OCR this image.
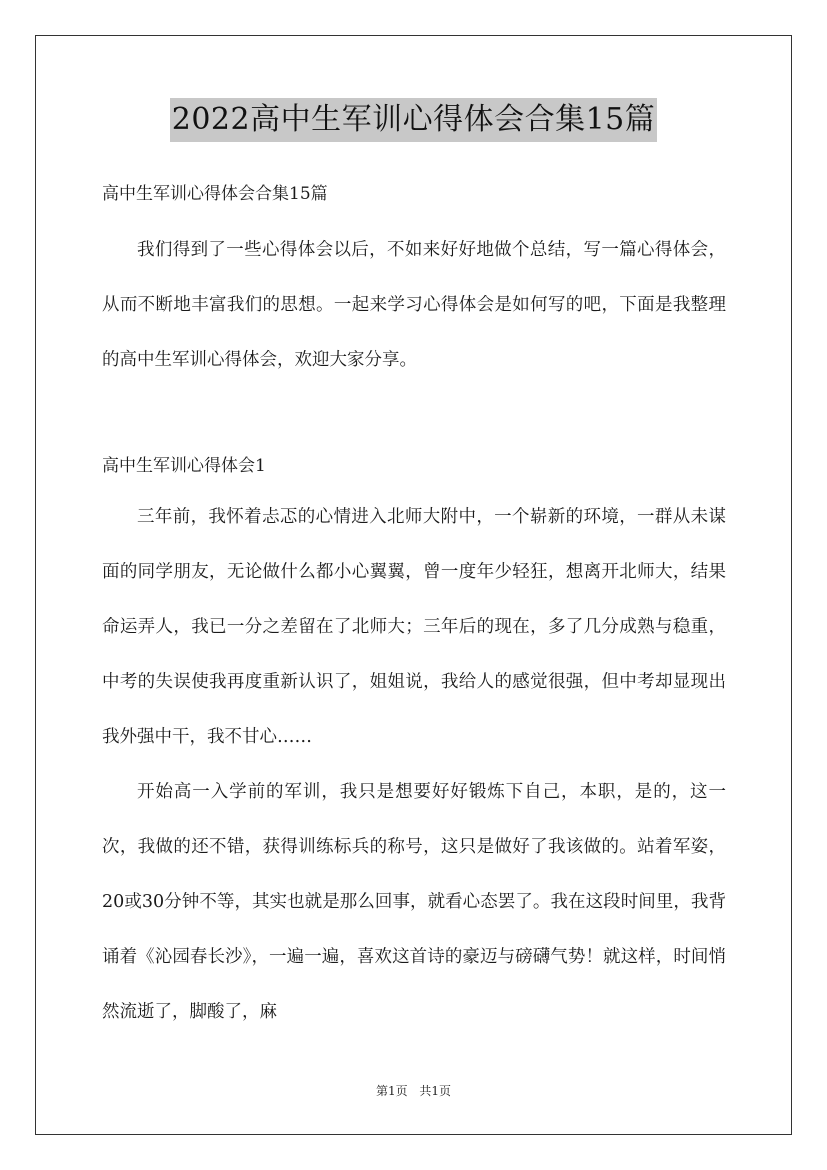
2022高中生军训心得体会合集15篇
高中生军训心得体会合集15篇
我们得到了一些心得体会以后，不如来好好地做个总结，写一篇心得体会，从而不断地丰富我们的思想。一起来学习心得体会是如何写的吧，下面是我整理的高中生军训心得体会，欢迎大家分享。
高中生军训心得体会1
三年前，我怀着忐忑的心情进入北师大附中，一个崭新的环境，一群从未谋面的同学朋友，无论做什么都小心翼翼，曾一度年少轻狂，想离开北师大，结果命运弄人，我已一分之差留在了北师大；三年后的现在，多了几分成熟与稳重，中考的失误使我再度重新认识了，姐姐说，我给人的感觉很强，但中考却显现出我外强中干，我不甘心……
开始高一入学前的军训，我只是想要好好锻炼下自己，本职，是的，这一次，我做的还不错，获得训练标兵的称号，这只是做好了我该做的。站着军姿，20或30分钟不等，其实也就是那么回事，就看心态罢了。我在这段时间里，我背诵着《沁园春长沙》，一遍一遍，喜欢这首诗的豪迈与磅礴气势！就这样，时间悄然流逝了，脚酸了，麻
第1页 共1页
